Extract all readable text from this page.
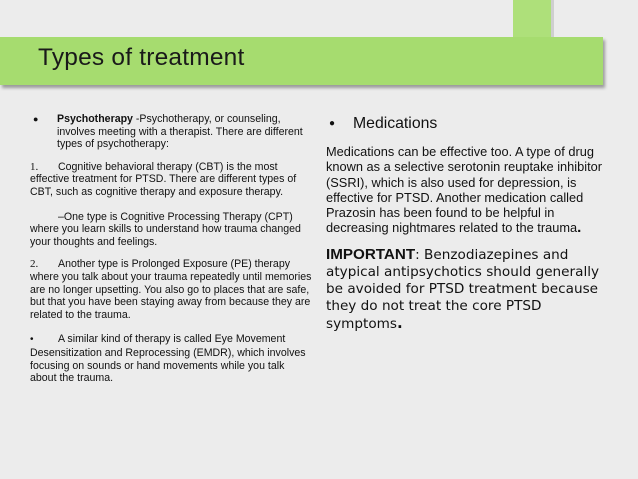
Types of treatment
●	Psychotherapy -Psychotherapy, or counseling, involves meeting with a therapist. There are different types of psychotherapy:

1. Cognitive behavioral therapy (CBT) is the most effective treatment for PTSD. There are different types of CBT, such as cognitive therapy and exposure therapy.

–One type is Cognitive Processing Therapy (CPT) where you learn skills to understand how trauma changed your thoughts and feelings.

2. Another type is Prolonged Exposure (PE) therapy where you talk about your trauma repeatedly until memories are no longer upsetting. You also go to places that are safe, but that you have been staying away from because they are related to the trauma.

• A similar kind of therapy is called Eye Movement Desensitization and Reprocessing (EMDR), which involves focusing on sounds or hand movements while you talk about the trauma.

●	Medications

Medications can be effective too. A type of drug known as a selective serotonin reuptake inhibitor (SSRI), which is also used for depression, is effective for PTSD. Another medication called Prazosin has been found to be helpful in decreasing nightmares related to the trauma.

IMPORTANT: Benzodiazepines and atypical antipsychotics should generally be avoided for PTSD treatment because they do not treat the core PTSD symptoms.
